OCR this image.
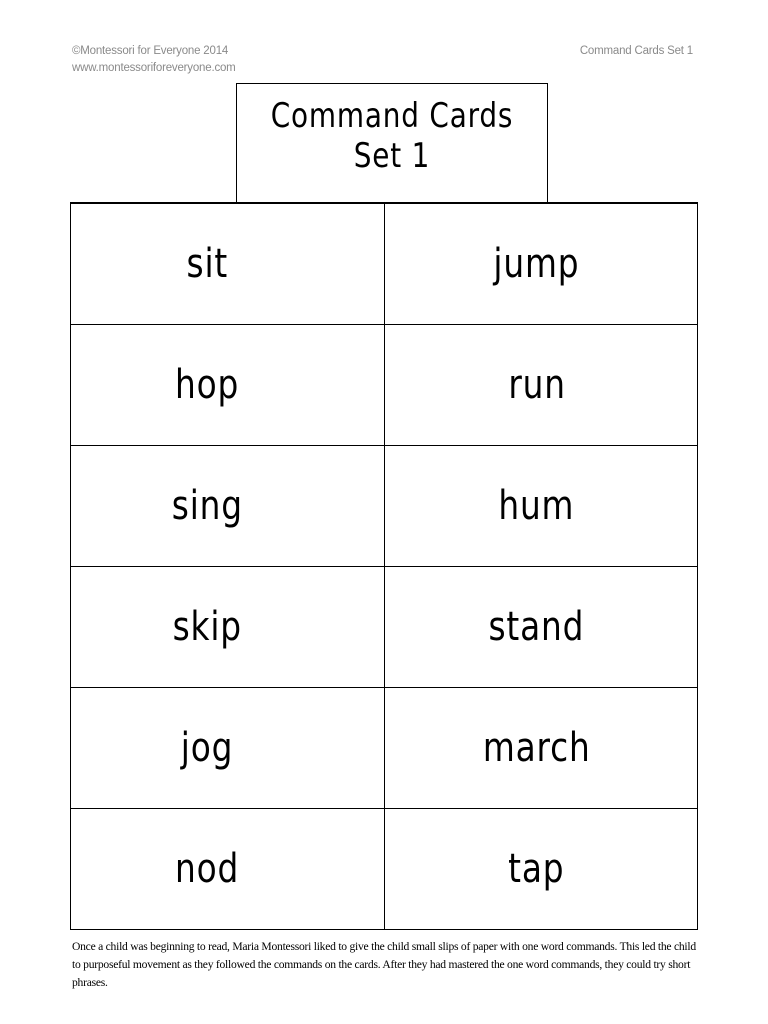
©Montessori for Everyone 2014
www.montessoriforeveryone.com
Command Cards Set 1
Command Cards
Set 1
sit	jump
hop	run
sing	hum
skip	stand
jog	march
nod	tap
Once a child was beginning to read, Maria Montessori liked to give the child small slips of paper with one word commands. This led the child to purposeful movement as they followed the commands on the cards. After they had mastered the one word commands, they could try short phrases.
